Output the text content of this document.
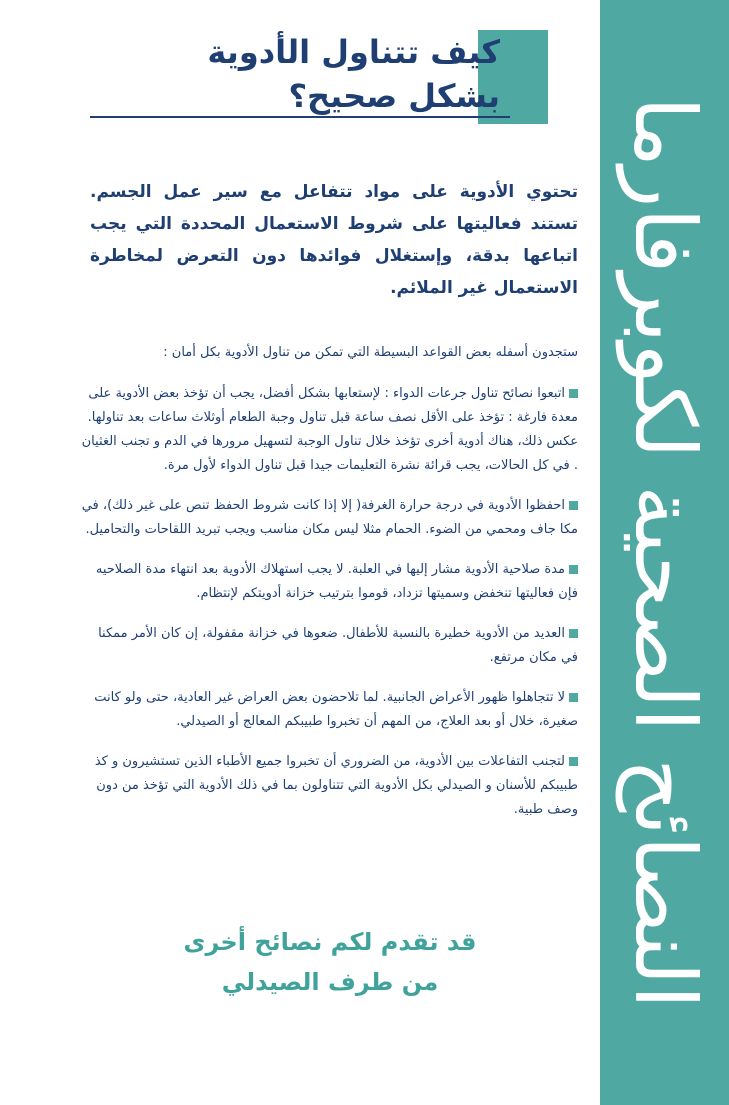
النصائح الصحية لكوبرفارما
كيف تتناول الأدوية
بشكل صحيح؟

تحتوي الأدوية على مواد تتفاعل مع سير عمل الجسم. تستند فعاليتها على شروط الاستعمال المحددة التي يجب اتباعها بدقة، وإستغلال فوائدها دون التعرض لمخاطرة الاستعمال غير الملائم.

ستجدون أسفله بعض القواعد البسيطة التي تمكن من تناول الأدوية بكل أمان :

اتبعوا نصائح تناول جرعات الدواء : لإستعابها بشكل أفضل، يجب أن تؤخذ بعض الأدوية على معدة فارغة : تؤخذ على الأقل نصف ساعة قبل تناول وجبة الطعام أوثلاث ساعات بعد تناولها. عكس ذلك، هناك أدوية أخرى تؤخذ خلال تناول الوجبة لتسهيل مرورها في الدم و تجنب الغثيان . في كل الحالات، يجب قرائة نشرة التعليمات جيدا قبل تناول الدواء لأول مرة.
احفظوا الأدوية في درجة حرارة الغرفة( إلا إذا كانت شروط الحفظ تنص على غير ذلك)، في مكا جاف ومحمي من الضوء. الحمام مثلا ليس مكان مناسب ويجب تبريد اللقاحات والتحاميل.
مدة صلاحية الأدوية مشار إليها في العلبة. لا يجب استهلاك الأدوية بعد انتهاء مدة الصلاحيه فإن فعاليتها تنخفض وسميتها تزداد، قوموا بترتيب خزانة أدويتكم لإنتظام.
العديد من الأدوية خطيرة بالنسبة للأطفال. ضعوها في خزانة مقفولة، إن كان الأمر ممكنا في مكان مرتفع.
لا تتجاهلوا ظهور الأعراض الجانبية. لما تلاحضون بعض العراض غير العادية، حتى ولو كانت صغيرة، خلال أو بعد العلاج، من المهم أن تخبروا طبيبكم المعالج أو الصيدلي.
لتجنب التفاعلات بين الأدوية، من الضروري أن تخبروا جميع الأطباء الذين تستشيرون و كذ طبيبكم للأسنان و الصيدلي بكل الأدوية التي تتناولون بما في ذلك الأدوية التي تؤخذ من دون وصف طبية.
قد تقدم لكم نصائح أخرى
من طرف الصيدلي
